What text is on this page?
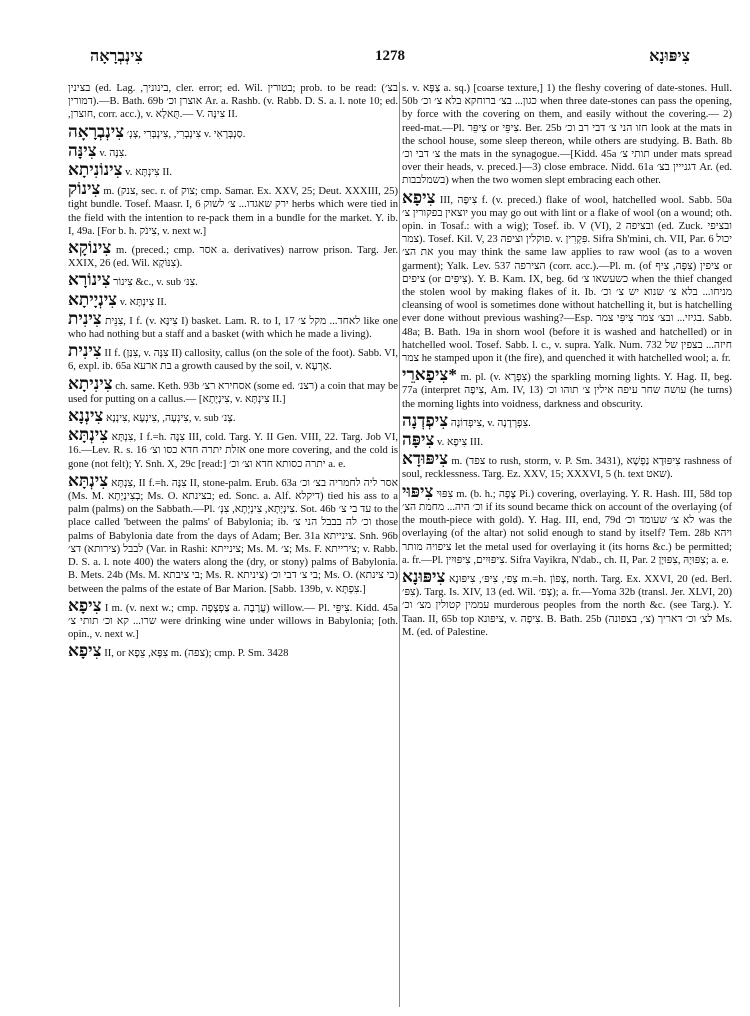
צִינְבְרָאָה	1278	צִיפּוּנָא

בצינין (ed. Lag. ,בינוניך, cler. error; ed. Wil. בטורין; prob. to be read: (בצ׳ דמורין).—B. Bath. 69b אוצרן וכ׳ Ar. a. Rashb. (v. Rabb. D. S. a. l. note 10; ed. ,חוצרן, corr. acc.), v. תֻּאלָא.— V. צִינָּה II.

צִינְבְרָאָה צִינְבְרִי, ,צִינְבְּרִי ,צְנְ׳ v. סַנְבְּרָאִי.

צִינָּה v. צִנָּה.

צִינוֹנִיתָא v. צִינְתָּא II.

צִינוֹק m. (צנק, sec. r. of צוק; cmp. Samar. Ex. XXV, 25; Deut. XXXIII, 25) tight bundle. Tosef. Maasr. I, 6 ירק שאגדו... צ׳ לשוק herbs which were tied in the field with the intention to re-pack them in a bundle for the market. Y. ib. I, 49a. [For b. h. צִינֹק, v. next w.]

צִינוֹקָא m. (preced.; cmp. אסר a. derivatives) narrow prison. Targ. Jer. XXIX, 26 (ed. Wil. צִנּוֹקָא).

צִינוֹרָא צִינוֹר &c., v. sub צִנּ׳.

צִינְיָיתָא v. צִינְתָּא II.

צִינִית צִנֵּית, I f. (v. צִינָּא I) basket. Lam. R. to I, 17 לאחד... מקל צ׳ like one who had nothing but a staff and a basket (with which he made a living).

צִינִית II f. (צִנַּן, v. צִנָּה II) callosity, callus (on the sole of the foot). Sabb. VI, 6, expl. ib. 65a בת ארעא a growth caused by the soil, v. אַרְעָא.

צִינִיתָא ch. same. Keth. 93b אסחירא רצ׳ (some ed. רצנ׳) a coin that may be used for putting on a callus.— [צִינְיָתָא, v. צִינְתָּא II.]

צִינְנָא צִינְעָה, ,צִינְעָא ,צִינְנָא, v. sub צְנ׳.

צִינְתָּא צִנְתָּא, I f.=h. צִנָּה III, cold. Targ. Y. II Gen. VIII, 22. Targ. Job VI, 16.—Lev. R. s. 16 אזלת יתרה חדא כסו וצ׳ one more covering, and the cold is gone (not felt); Y. Snh. X, 29c [read:] יתרה כסותא חדא וצ׳ וכ׳ a. e.

צִינְתָּא צִנְתָּא, II f.=h. צִנָּה II, stone-palm. Erub. 63a אסר ליה לחמריה בצ׳ וכ׳ (Ms. M. בְצִינְיָתָא; Ms. O. בצינתא; ed. Sonc. a. Alf. דיקלא) tied his ass to a palm (palms) on the Sabbath.—Pl. צִינְיָתָא, צִינְיָתָא, צִנְּ׳. Sot. 46b עד בי צ׳ to the place called 'between the palms' of Babylonia; ib. וכ׳ לה בבבל הני צ׳ those palms of Babylonia date from the days of Adam; Ber. 31a צינייתא. Snh. 96b לבבל (צירותא) דצ׳ (Var. in Rashi: צינייתא; Ms. M. צ׳; Ms. F. צירייתא; v. Rabb. D. S. a. l. note 400) the waters along the (dry, or stony) palms of Babylonia. B. Mets. 24b (Ms. M. בי ציבתא; Ms. R. ציניתא) בי צ׳ דבי וכ׳; Ms. O. (בי צינתא) between the palms of the estate of Bar Marion. [Sabb. 139b, v. צִפְתָּא.]

צִיפָא I m. (v. next w.; cmp. צַפְצָפָה a. עֲרָבָה) willow.— Pl. צִיפֵּי. Kidd. 45a שרו... קא וכ׳ תותי צ׳ were drinking wine under willows in Babylonia; [oth. opin., v. next w.]

צִיפָא II, or צִפָּא, צֵפָא m. (צפה); cmp. P. Sm. 3428

s. v. צַפָּא a. sq.) [coarse texture,] 1) the fleshy covering of date-stones. Hull. 50b כגון... בצ׳ ברוחקא בלא צ׳ וכ׳ when three date-stones can pass the opening, by force with the covering on them, and easily without the covering.— 2) reed-mat.—Pl. צִיפֵּר or צִיפֵּי. Ber. 25b חזו הני צ׳ דבי רב וכ׳ look at the mats in the school house, some sleep thereon, while others are studying. B. Bath. 8b צ׳ דבי וכ׳ the mats in the synagogue.—[Kidd. 45a תותי צ׳ under mats spread over their heads, v. preced.]—3) close embrace. Nidd. 61a דגנייין בצ׳ Ar. (ed. בשמלבבות) when the two women slept embracing each other.

צִיפָא III, צִיפָּה f. (v. preced.) flake of wool, hatchelled wool. Sabb. 50a יוצאין בפקורין צ׳ you may go out with lint or a flake of wool (on a wound; oth. opin. in Tosaf.: with a wig); Tosef. ib. V (VI), 2 ובציפה (ed. Zuck. ובציפי צמר). Tosef. Kil. V, 23 פוקלין וציפה. v. פִּקְרִין. Sifra Sh'mini, ch. VII, Par. 6 יכול את הצ׳ you may think the same law applies to raw wool (as to a woven garment); Yalk. Lev. 537 הצירפה (corr. acc.).—Pl. m. (of צִפָּה, צִיף) ציפין or ציפים (or צִיפִּים). Y. B. Kam. IX, beg. 6d כשעשאו צ׳ when the thief changed the stolen wool by making flakes of it. Ib. מניחו... בלא צ׳ שנוא יש צ׳ וכ׳ cleansing of wool is sometimes done without hatchelling it, but is hatchelling ever done without previous washing?—Esp. בגיזי... ובצ׳ צמר צִיפִּי צמר. Sabb. 48a; B. Bath. 19a in shorn wool (before it is washed and hatchelled) or in hatchelled wool. Tosef. Sabb. l. c., v. supra. Yalk. Num. 732 חיזה... בצפין של צמר he stamped upon it (the fire), and quenched it with hatchelled wool; a. fr.

*צִיפָארֵי m. pl. (v. צִפְרָא) the sparkling morning lights. Y. Hag. II, beg. 77a (interpret צִיפָה, Am. IV, 13) עושה שחר עיפה אילין צ׳ תוהו וכ׳ (he turns) the morning lights into voidness, darkness and obscurity.

צִיפְדְנָה צִיפְדוֹנָה, v. צִפְרְדָנָה.

צִיפָּה v. צִיפָא III.

צִיפּוּדָא m. (צפד to rush, storm, v. P. Sm. 3431), צִיפּוּדָא נַפְשָׁא rashness of soul, recklessness. Targ. Ez. XXV, 15; XXXVI, 5 (h. text שאט).

צִיפּוּי צִפּוּי m. (b. h.; צָפָה Pi.) covering, overlaying. Y. R. Hash. III, 58d top וכ׳ היה... מחמת הצ׳ if its sound became thick on account of the overlaying (of the mouth-piece with gold). Y. Hag. III, end, 79d לא צ׳ שעומד וכ׳ was the overlaying (of the altar) not solid enough to stand by itself? Tem. 28b ויהא ציפויה מותר let the metal used for overlaying it (its horns &c.) be permitted; a. fr.—Pl. צִיפּוּיִים, צִיפּוּיִין. Sifra Vayikra, N'dab., ch. II, Par. 2 צִפּוּיָהּ ,צִפּוּיָן; a. e.

צִיפּוּנָא צְפ׳, צִיפּ׳, צִיפּוּנָא m.=h. צָפוֹן, north. Targ. Ex. XXVI, 20 (ed. Berl. צִפּ׳). Targ. Is. XIV, 13 (ed. Wil. צְפ׳); a. fr.—Yoma 32b (transl. Jer. XLVI, 20) עממין קטולין מצ׳ וכ׳ murderous peoples from the north &c. (see Targ.). Y. Taan. II, 65b top ציפונא, v. צִיפָה. B. Bath. 25b לצ׳ וכ׳ דאריך (צ׳, בצפונה) Ms. M. (ed. of Palestine.
